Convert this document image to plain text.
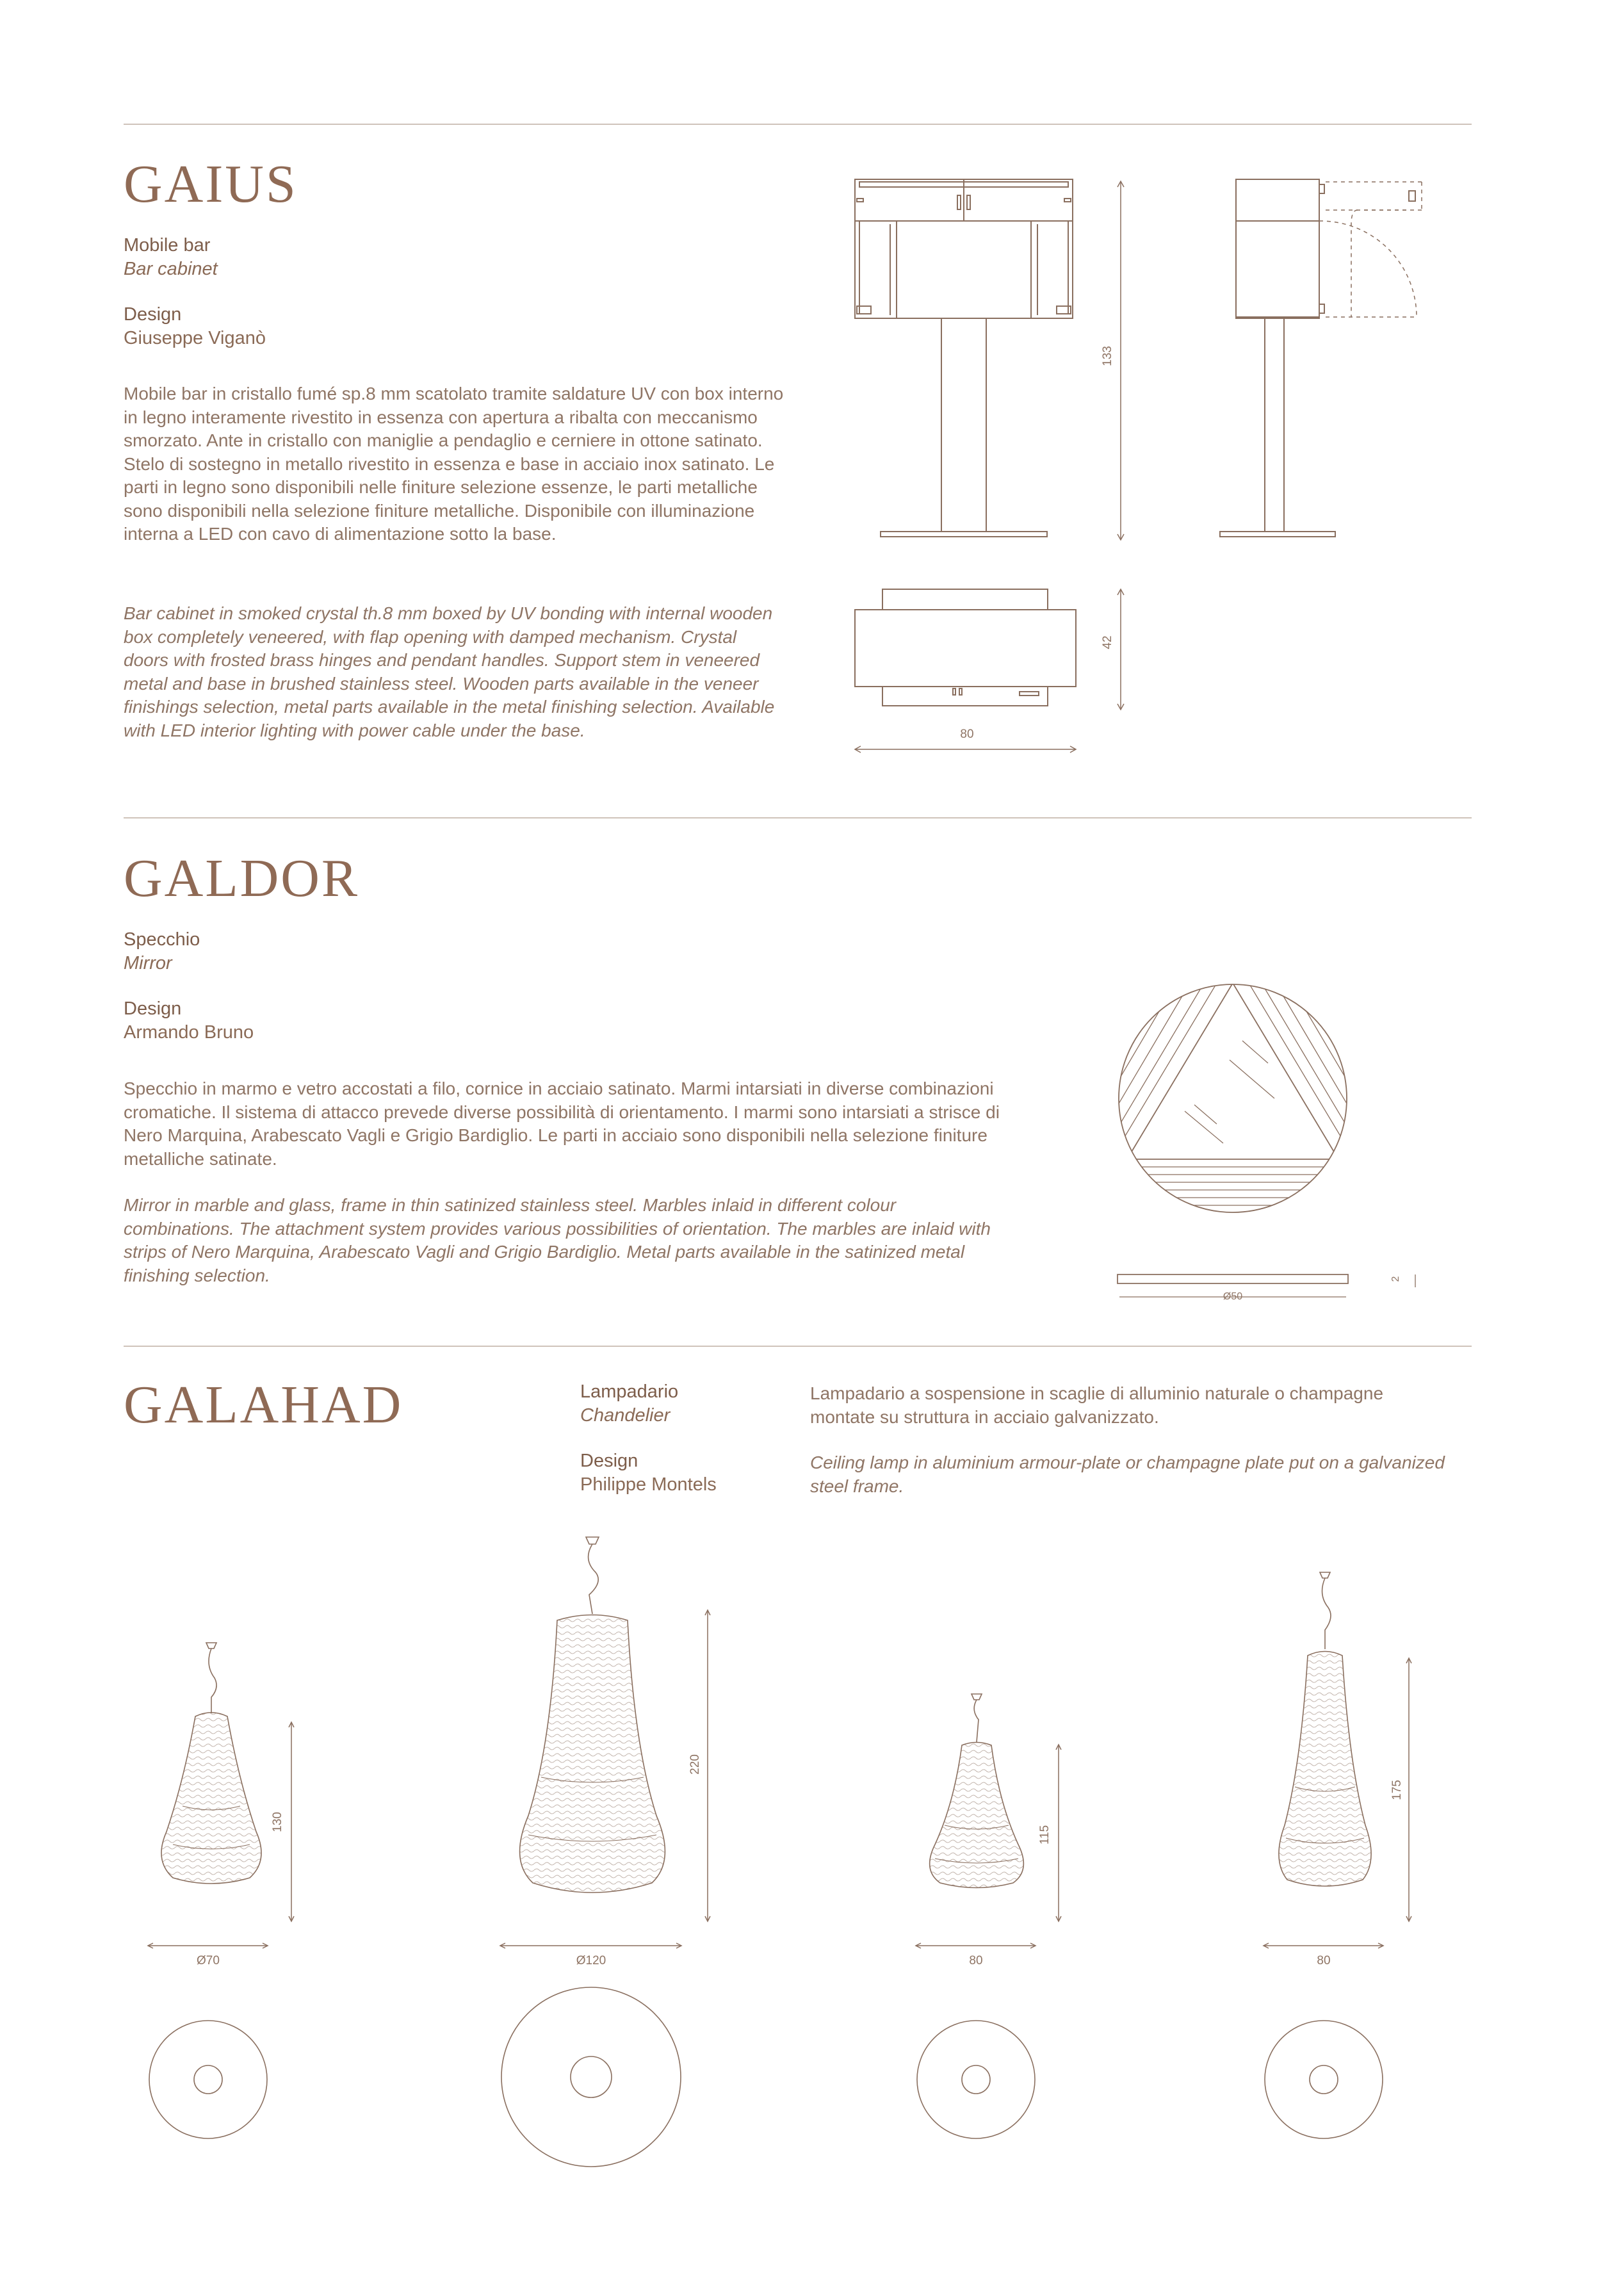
GAIUS
Mobile bar
Bar cabinet
Design
Giuseppe Viganò

Mobile bar in cristallo fumé sp.8 mm scatolato tramite saldature UV con box interno in legno interamente rivestito in essenza con apertura a ribalta con meccanismo smorzato. Ante in cristallo con maniglie a pendaglio e cerniere in ottone satinato. Stelo di sostegno in metallo rivestito in essenza e base in acciaio inox satinato. Le parti in legno sono disponibili nelle finiture selezione essenze, le parti metalliche sono disponibili nella selezione finiture metalliche. Disponibile con illuminazione interna a LED con cavo di alimentazione sotto la base.

Bar cabinet in smoked crystal th.8 mm boxed by UV bonding with internal wooden box completely veneered, with flap opening with damped mechanism. Crystal doors with frosted brass hinges and pendant handles. Support stem in veneered metal and base in brushed stainless steel. Wooden parts available in the veneer finishings selection, metal parts available in the metal finishing selection. Available with LED interior lighting with power cable under the base.

133
42
80
GALDOR
Specchio
Mirror
Design
Armando Bruno

Specchio in marmo e vetro accostati a filo, cornice in acciaio satinato. Marmi intarsiati in diverse combinazioni cromatiche. Il sistema di attacco prevede diverse possibilità di orientamento. I marmi sono intarsiati a strisce di Nero Marquina, Arabescato Vagli e Grigio Bardiglio. Le parti in acciaio sono disponibili nella selezione finiture metalliche satinate.

Mirror in marble and glass, frame in thin satinized stainless steel. Marbles inlaid in different colour combinations. The attachment system provides various possibilities of orientation. The marbles are inlaid with strips of Nero Marquina, Arabescato Vagli and Grigio Bardiglio. Metal parts available in the satinized metal finishing selection.

Ø50
2
GALAHAD	Lampadario
Chandelier
Design
Philippe Montels

Lampadario a sospensione in scaglie di alluminio naturale o champagne montate su struttura in acciaio galvanizzato.

Ceiling lamp in aluminium armour-plate or champagne plate put on a galvanized steel frame.

130
Ø70
220
Ø120
115
80
175
80
